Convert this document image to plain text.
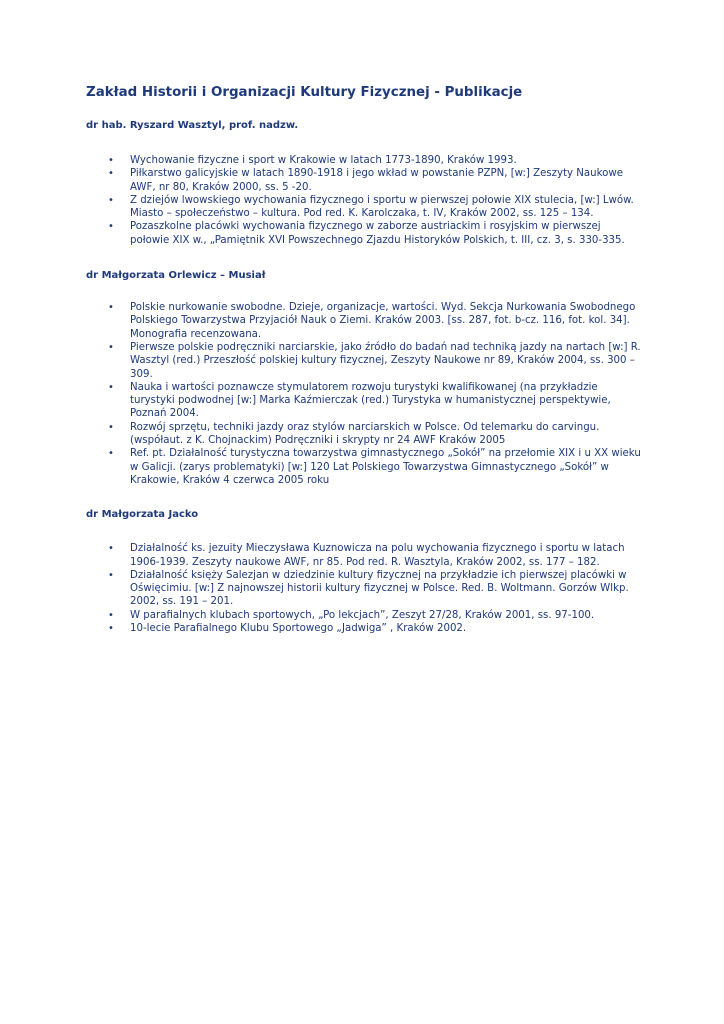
Zakład Historii i Organizacji Kultury Fizycznej - Publikacje
dr hab. Ryszard Wasztyl, prof. nadzw.
• Wychowanie fizyczne i sport w Krakowie w latach 1773-1890, Kraków 1993.
• Piłkarstwo galicyjskie w latach 1890-1918 i jego wkład w powstanie PZPN, [w:] Zeszyty Naukowe AWF, nr 80, Kraków 2000, ss. 5 -20.
• Z dziejów lwowskiego wychowania fizycznego i sportu w pierwszej połowie XIX stulecia, [w:] Lwów. Miasto – społeczeństwo – kultura. Pod red. K. Karolczaka, t. IV, Kraków 2002, ss. 125 – 134.
• Pozaszkolne placówki wychowania fizycznego w zaborze austriackim i rosyjskim w pierwszej połowie XIX w., „Pamiętnik XVI Powszechnego Zjazdu Historyków Polskich, t. III, cz. 3, s. 330-335.
dr Małgorzata Orlewicz – Musiał
• Polskie nurkowanie swobodne. Dzieje, organizacje, wartości. Wyd. Sekcja Nurkowania Swobodnego Polskiego Towarzystwa Przyjaciół Nauk o Ziemi. Kraków 2003. [ss. 287, fot. b-cz. 116, fot. kol. 34]. Monografia recenzowana.
• Pierwsze polskie podręczniki narciarskie, jako źródło do badań nad techniką jazdy na nartach [w:] R. Wasztyl (red.) Przeszłość polskiej kultury fizycznej, Zeszyty Naukowe nr 89, Kraków 2004, ss. 300 – 309.
• Nauka i wartości poznawcze stymulatorem rozwoju turystyki kwalifikowanej (na przykładzie turystyki podwodnej [w:] Marka Kaźmierczak (red.) Turystyka w humanistycznej perspektywie, Poznań 2004.
• Rozwój sprzętu, techniki jazdy oraz stylów narciarskich w Polsce. Od telemarku do carvingu. (współaut. z K. Chojnackim) Podręczniki i skrypty nr 24 AWF Kraków 2005
• Ref. pt. Działalność turystyczna towarzystwa gimnastycznego „Sokół” na przełomie XIX i u XX wieku w Galicji. (zarys problematyki) [w:] 120 Lat Polskiego Towarzystwa Gimnastycznego „Sokół” w Krakowie, Kraków 4 czerwca 2005 roku
dr Małgorzata Jacko
• Działalność ks. jezuity Mieczysława Kuznowicza na polu wychowania fizycznego i sportu w latach 1906-1939. Zeszyty naukowe AWF, nr 85. Pod red. R. Wasztyla, Kraków 2002, ss. 177 – 182.
• Działalność księży Salezjan w dziedzinie kultury fizycznej na przykładzie ich pierwszej placówki w Oświęcimiu. [w:] Z najnowszej historii kultury fizycznej w Polsce. Red. B. Woltmann. Gorzów Wlkp. 2002, ss. 191 – 201.
• W parafialnych klubach sportowych, „Po lekcjach”, Zeszyt 27/28, Kraków 2001, ss. 97-100.
• 10-lecie Parafialnego Klubu Sportowego „Jadwiga” , Kraków 2002.
